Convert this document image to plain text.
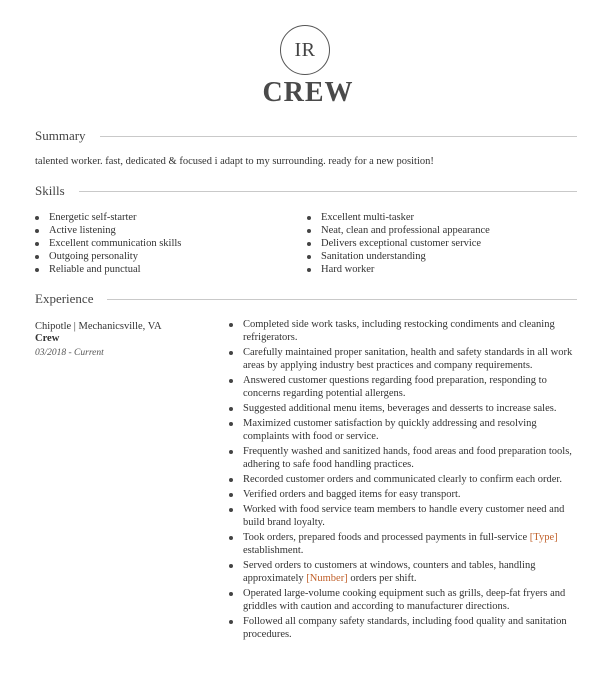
IR
CREW
Summary
talented worker. fast, dedicated & focused i adapt to my surrounding. ready for a new position!
Skills
Energetic self-starter
Active listening
Excellent communication skills
Outgoing personality
Reliable and punctual
Excellent multi-tasker
Neat, clean and professional appearance
Delivers exceptional customer service
Sanitation understanding
Hard worker
Experience
Chipotle | Mechanicsville, VA
Crew
03/2018 - Current
Completed side work tasks, including restocking condiments and cleaning refrigerators.
Carefully maintained proper sanitation, health and safety standards in all work areas by applying industry best practices and company requirements.
Answered customer questions regarding food preparation, responding to concerns regarding potential allergens.
Suggested additional menu items, beverages and desserts to increase sales.
Maximized customer satisfaction by quickly addressing and resolving complaints with food or service.
Frequently washed and sanitized hands, food areas and food preparation tools, adhering to safe food handling practices.
Recorded customer orders and communicated clearly to confirm each order.
Verified orders and bagged items for easy transport.
Worked with food service team members to handle every customer need and build brand loyalty.
Took orders, prepared foods and processed payments in full-service [Type] establishment.
Served orders to customers at windows, counters and tables, handling approximately [Number] orders per shift.
Operated large-volume cooking equipment such as grills, deep-fat fryers and griddles with caution and according to manufacturer directions.
Followed all company safety standards, including food quality and sanitation procedures.
